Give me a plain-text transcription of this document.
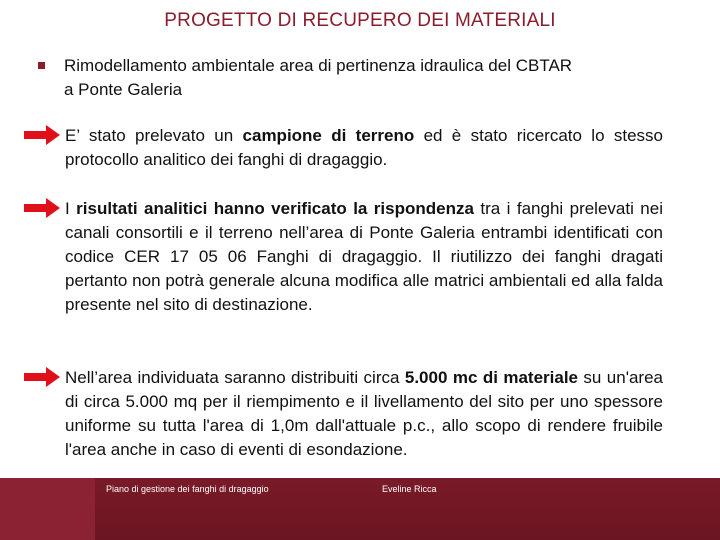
PROGETTO DI RECUPERO DEI MATERIALI
Rimodellamento ambientale area di pertinenza idraulica del CBTAR
a Ponte Galeria
E’ stato prelevato un campione di terreno ed è stato ricercato lo stesso protocollo analitico dei fanghi di dragaggio.
I risultati analitici hanno verificato la rispondenza tra i fanghi prelevati nei canali consortili e il terreno nell’area di Ponte Galeria entrambi identificati con codice CER 17 05 06 Fanghi di dragaggio. Il riutilizzo dei fanghi dragati pertanto non potrà generale alcuna modifica alle matrici ambientali ed alla falda presente nel sito di destinazione.
Nell’area individuata saranno distribuiti circa 5.000 mc di materiale su un'area di circa 5.000 mq per il riempimento e il livellamento del sito per uno spessore uniforme su tutta l'area di 1,0m dall'attuale p.c., allo scopo di rendere fruibile l'area anche in caso di eventi di esondazione.
Piano di gestione dei fanghi di dragaggio	Eveline Ricca
